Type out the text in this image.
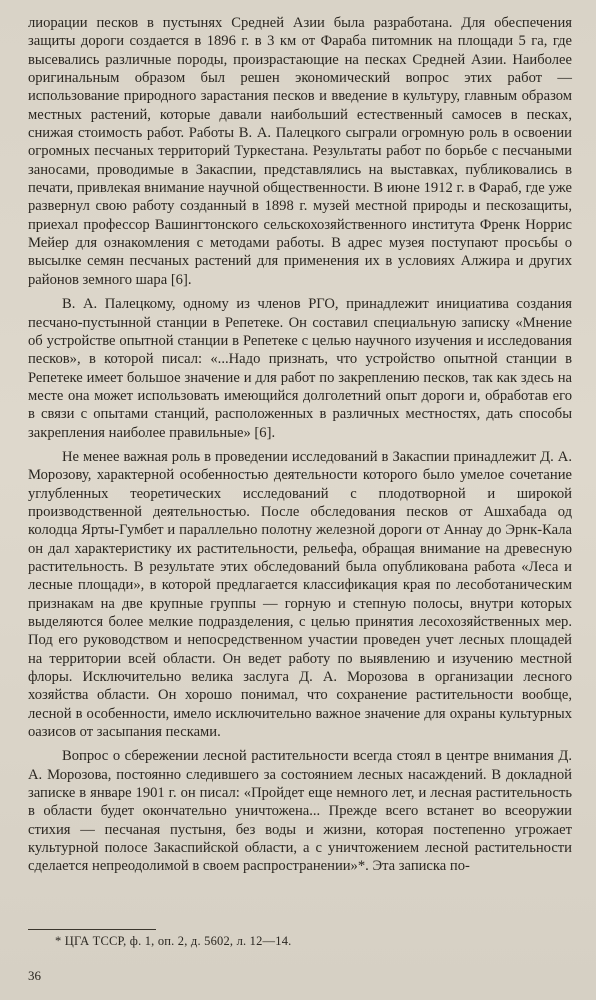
лиорации песков в пустынях Средней Азии была разработана. Для обеспечения защиты дороги создается в 1896 г. в 3 км от Фараба питомник на площади 5 га, где высевались различные породы, произрастающие на песках Средней Азии. Наиболее оригинальным образом был решен экономический вопрос этих работ — использование природного зарастания песков и введение в культуру, главным образом местных растений, которые давали наибольший естественный самосев в песках, снижая стоимость работ. Работы В. А. Палецкого сыграли огромную роль в освоении огромных песчаных территорий Туркестана. Результаты работ по борьбе с песчаными заносами, проводимые в Закаспии, представлялись на выставках, публиковались в печати, привлекая внимание научной общественности. В июне 1912 г. в Фараб, где уже развернул свою работу созданный в 1898 г. музей местной природы и пескозащиты, приехал профессор Вашингтонского сельскохозяйственного института Френк Норрис Мейер для ознакомления с методами работы. В адрес музея поступают просьбы о высылке семян песчаных растений для применения их в условиях Алжира и других районов земного шара [6].

В. А. Палецкому, одному из членов РГО, принадлежит инициатива создания песчано-пустынной станции в Репетеке. Он составил специальную записку «Мнение об устройстве опытной станции в Репетеке с целью научного изучения и исследования песков», в которой писал: «...Надо признать, что устройство опытной станции в Репетеке имеет большое значение и для работ по закреплению песков, так как здесь на месте она может использовать имеющийся долголетний опыт дороги и, обработав его в связи с опытами станций, расположенных в различных местностях, дать способы закрепления наиболее правильные» [6].

Не менее важная роль в проведении исследований в Закаспии принадлежит Д. А. Морозову, характерной особенностью деятельности которого было умелое сочетание углубленных теоретических исследований с плодотворной и широкой производственной деятельностью. После обследования песков от Ашхабада од колодца Ярты-Гумбет и параллельно полотну железной дороги от Аннау до Эрнк-Кала он дал характеристику их растительности, рельефа, обращая внимание на древесную растительность. В результате этих обследований была опубликована работа «Леса и лесные площади», в которой предлагается классификация края по лесоботаническим признакам на две крупные группы — горную и степную полосы, внутри которых выделяются более мелкие подразделения, с целью принятия лесохозяйственных мер. Под его руководством и непосредственном участии проведен учет лесных площадей на территории всей области. Он ведет работу по выявлению и изучению местной флоры. Исключительно велика заслуга Д. А. Морозова в организации лесного хозяйства области. Он хорошо понимал, что сохранение растительности вообще, лесной в особенности, имело исключительно важное значение для охраны культурных оазисов от засыпания песками.

Вопрос о сбережении лесной растительности всегда стоял в центре внимания Д. А. Морозова, постоянно следившего за состоянием лесных насаждений. В докладной записке в январе 1901 г. он писал: «Пройдет еще немного лет, и лесная растительность в области будет окончательно уничтожена... Прежде всего встанет во всеоружии стихия — песчаная пустыня, без воды и жизни, которая постепенно угрожает культурной полосе Закаспийской области, а с уничтожением лесной растительности сделается непреодолимой в своем распространении»*. Эта записка по-

* ЦГА ТССР, ф. 1, оп. 2, д. 5602, л. 12—14.
36
